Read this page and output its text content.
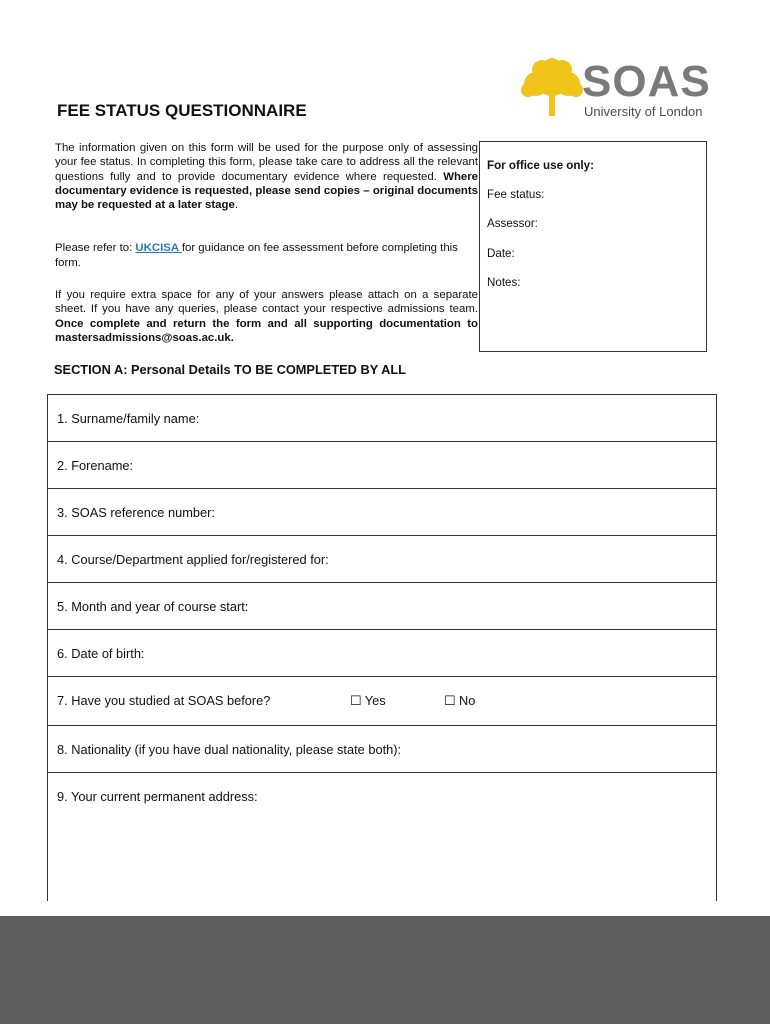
SOAS
University of London
FEE STATUS QUESTIONNAIRE

The information given on this form will be used for the purpose only of assessing your fee status. In completing this form, please take care to address all the relevant questions fully and to provide documentary evidence where requested. Where documentary evidence is requested, please send copies – original documents may be requested at a later stage.

Please refer to: UKCISA for guidance on fee assessment before completing this form.

If you require extra space for any of your answers please attach on a separate sheet. If you have any queries, please contact your respective admissions team. Once complete and return the form and all supporting documentation to mastersadmissions@soas.ac.uk.

For office use only:
Fee status:
Assessor:
Date:
Notes:
SECTION A: Personal Details TO BE COMPLETED BY ALL
1. Surname/family name:
2. Forename:
3. SOAS reference number:
4. Course/Department applied for/registered for:
5. Month and year of course start:
6. Date of birth:
7. Have you studied at SOAS before?	☐ Yes	☐ No
8. Nationality (if you have dual nationality, please state both):
9. Your current permanent address:
